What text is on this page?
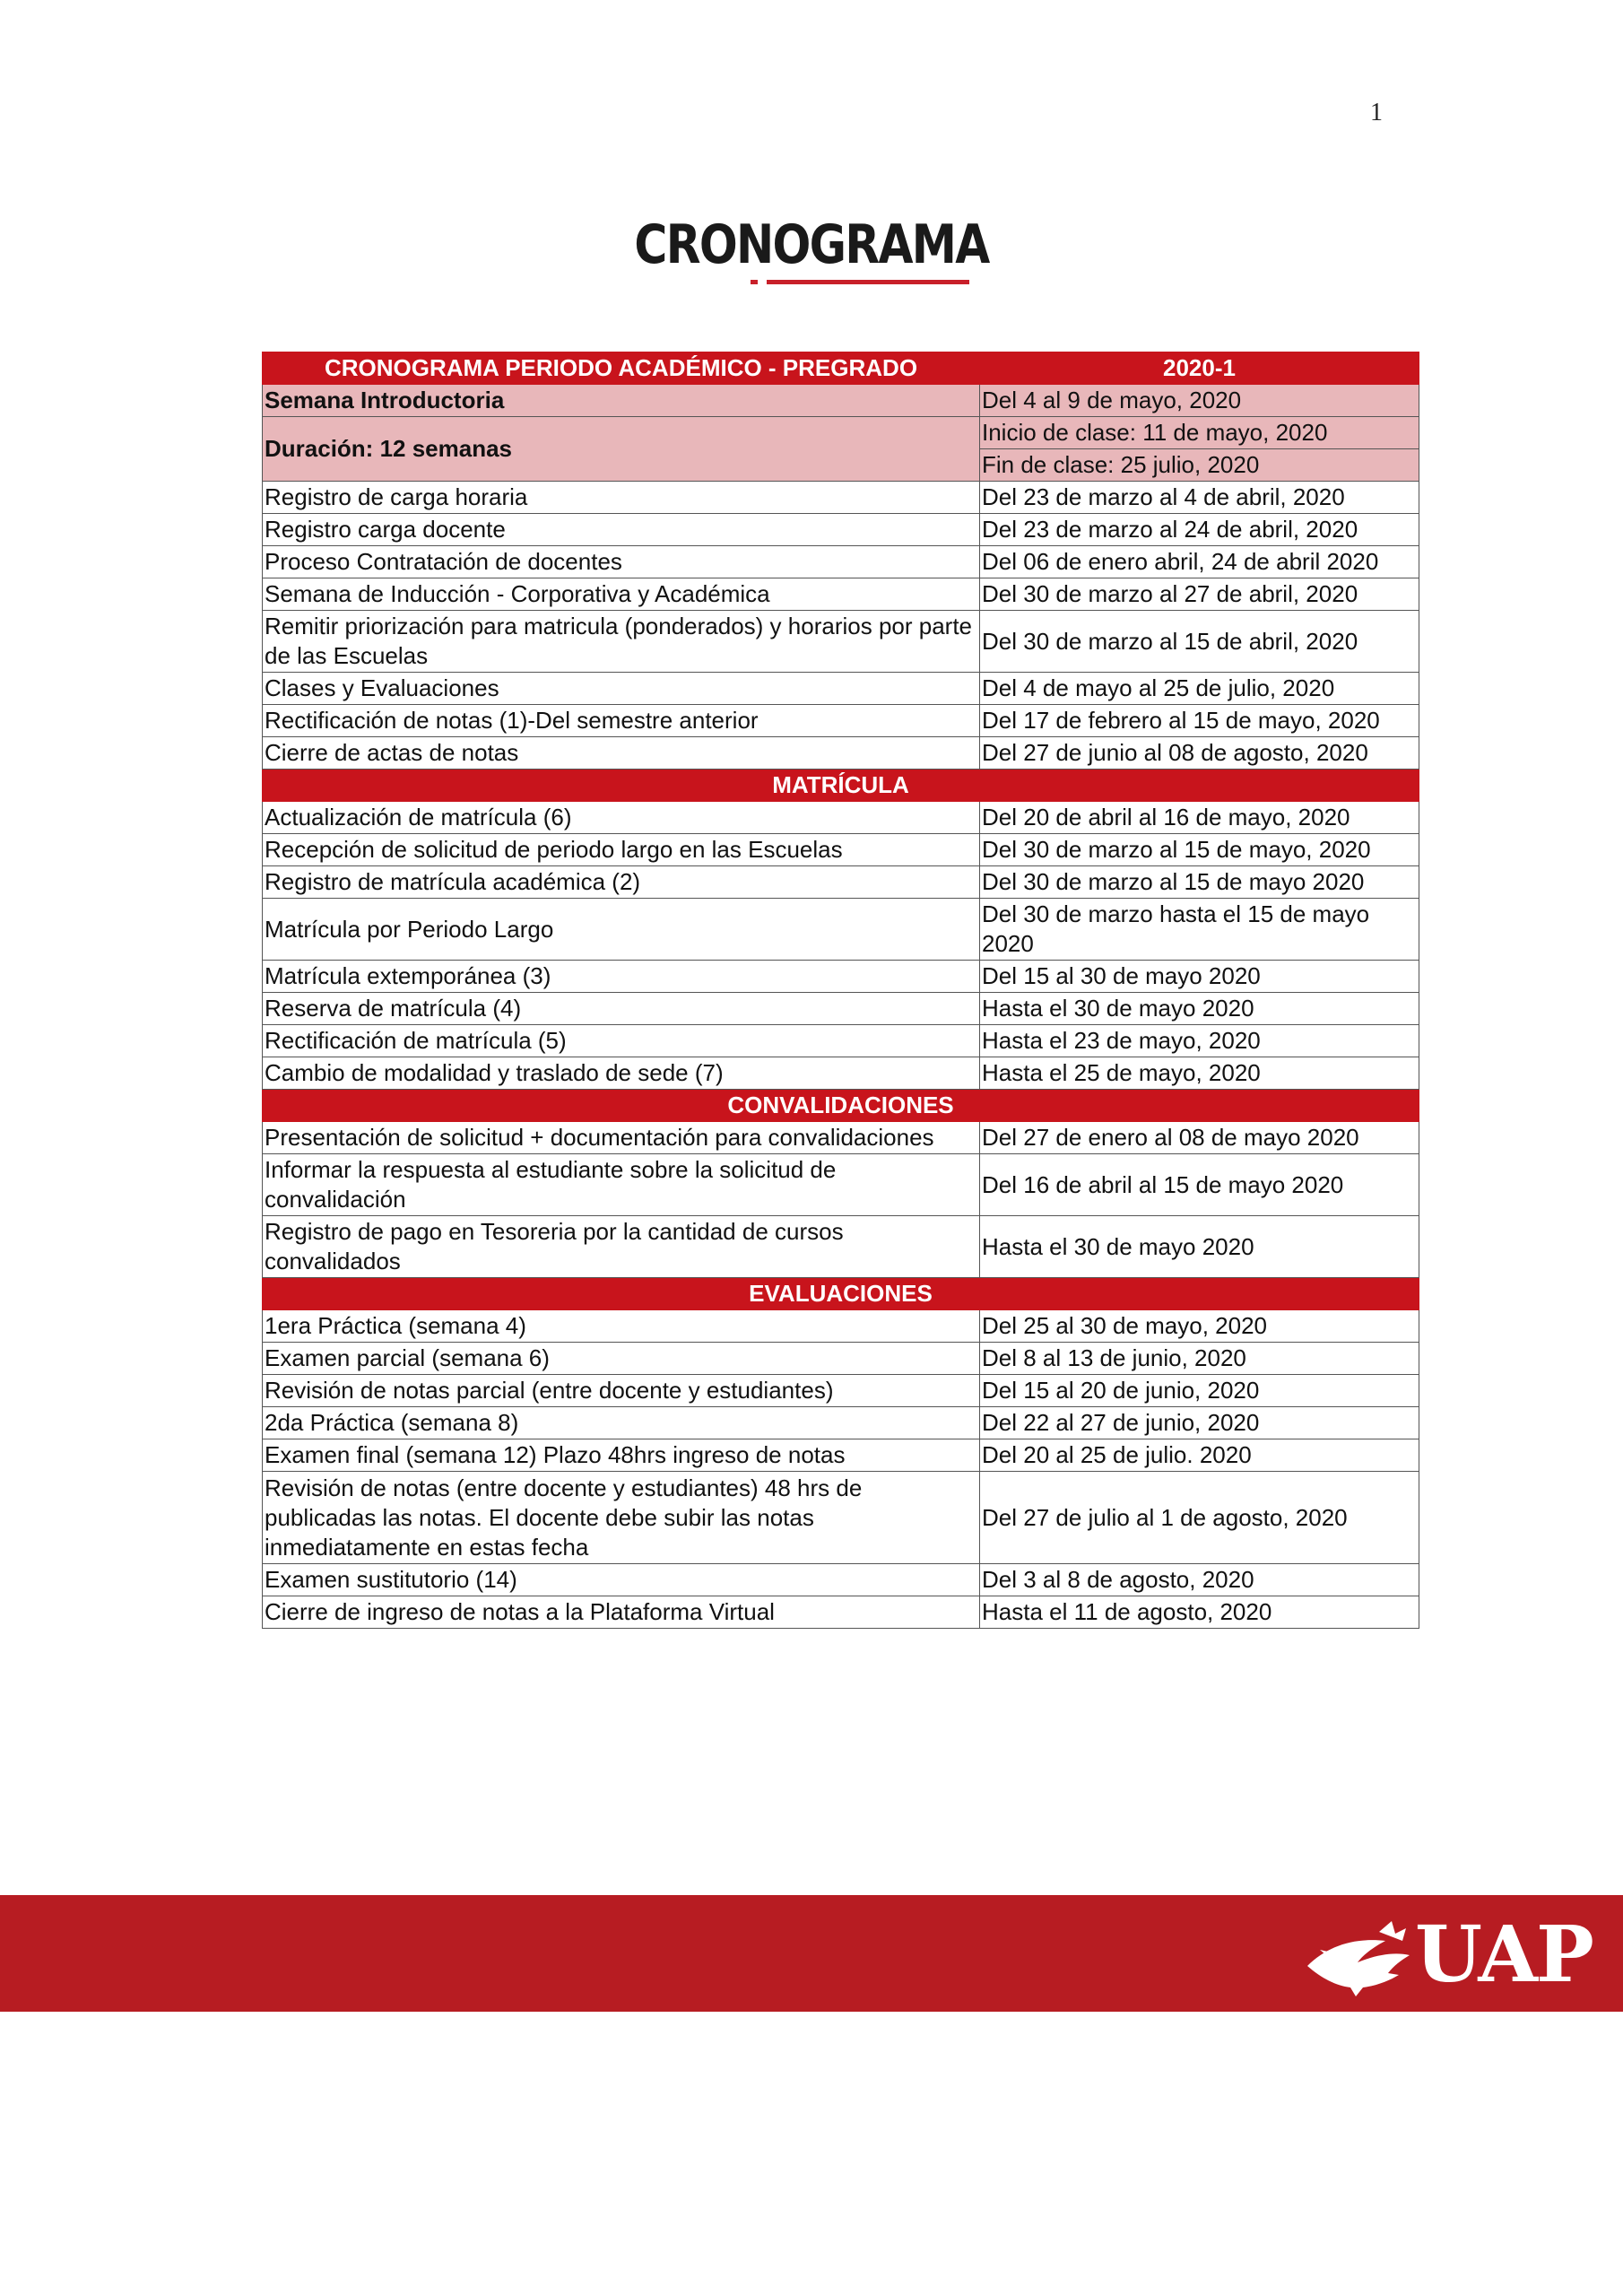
1
CRONOGRAMA
CRONOGRAMA PERIODO ACADÉMICO - PREGRADO	2020-1
Semana Introductoria	Del 4 al 9 de mayo, 2020
Duración: 12 semanas	Inicio de clase: 11 de mayo, 2020
	Fin de clase: 25 julio, 2020
Registro de carga horaria	Del 23 de marzo al 4 de abril, 2020
Registro carga docente	Del 23 de marzo al 24 de abril, 2020
Proceso Contratación de docentes	Del 06 de enero abril, 24 de abril 2020
Semana de Inducción - Corporativa y Académica	Del 30 de marzo al 27 de abril, 2020
Remitir priorización para matricula (ponderados) y horarios por parte de las Escuelas	Del 30 de marzo al 15 de abril, 2020
Clases y Evaluaciones	Del 4 de mayo al 25 de julio, 2020
Rectificación de notas (1)-Del semestre anterior	Del 17 de febrero al 15 de mayo, 2020
Cierre de actas de notas	Del 27 de junio al 08 de agosto, 2020
MATRÍCULA	
Actualización de matrícula (6)	Del 20 de abril al 16 de mayo, 2020
Recepción de solicitud de periodo largo en las Escuelas	Del 30 de marzo al 15 de mayo, 2020
Registro de matrícula académica (2)	Del 30 de marzo al 15 de mayo 2020
Matrícula por Periodo Largo	Del 30 de marzo hasta el 15 de mayo 2020
Matrícula extemporánea (3)	Del 15 al 30 de mayo 2020
Reserva de matrícula (4)	Hasta el 30 de mayo 2020
Rectificación de matrícula (5)	Hasta el 23 de mayo, 2020
Cambio de modalidad y traslado de sede (7)	Hasta el 25 de mayo, 2020
CONVALIDACIONES	
Presentación de solicitud + documentación para convalidaciones	Del 27 de enero al 08 de mayo 2020
Informar la respuesta al estudiante sobre la solicitud de convalidación	Del 16 de abril al 15 de mayo 2020
Registro de pago en Tesoreria por la cantidad de cursos convalidados	Hasta el 30 de mayo 2020
EVALUACIONES	
1era Práctica (semana 4)	Del 25 al 30 de mayo, 2020
Examen parcial (semana 6)	Del 8 al 13 de junio, 2020
Revisión de notas parcial (entre docente y estudiantes)	Del 15 al 20 de junio, 2020
2da Práctica (semana 8)	Del 22 al 27 de junio, 2020
Examen final (semana 12) Plazo 48hrs ingreso de notas	Del 20 al 25 de julio. 2020
Revisión de notas (entre docente y estudiantes) 48 hrs de publicadas las notas. El docente debe subir las notas inmediatamente en estas fecha	Del 27 de julio al 1 de agosto, 2020
Examen sustitutorio (14)	Del 3 al 8 de agosto, 2020
Cierre de ingreso de notas a la Plataforma Virtual	Hasta el 11 de agosto, 2020
UAP
